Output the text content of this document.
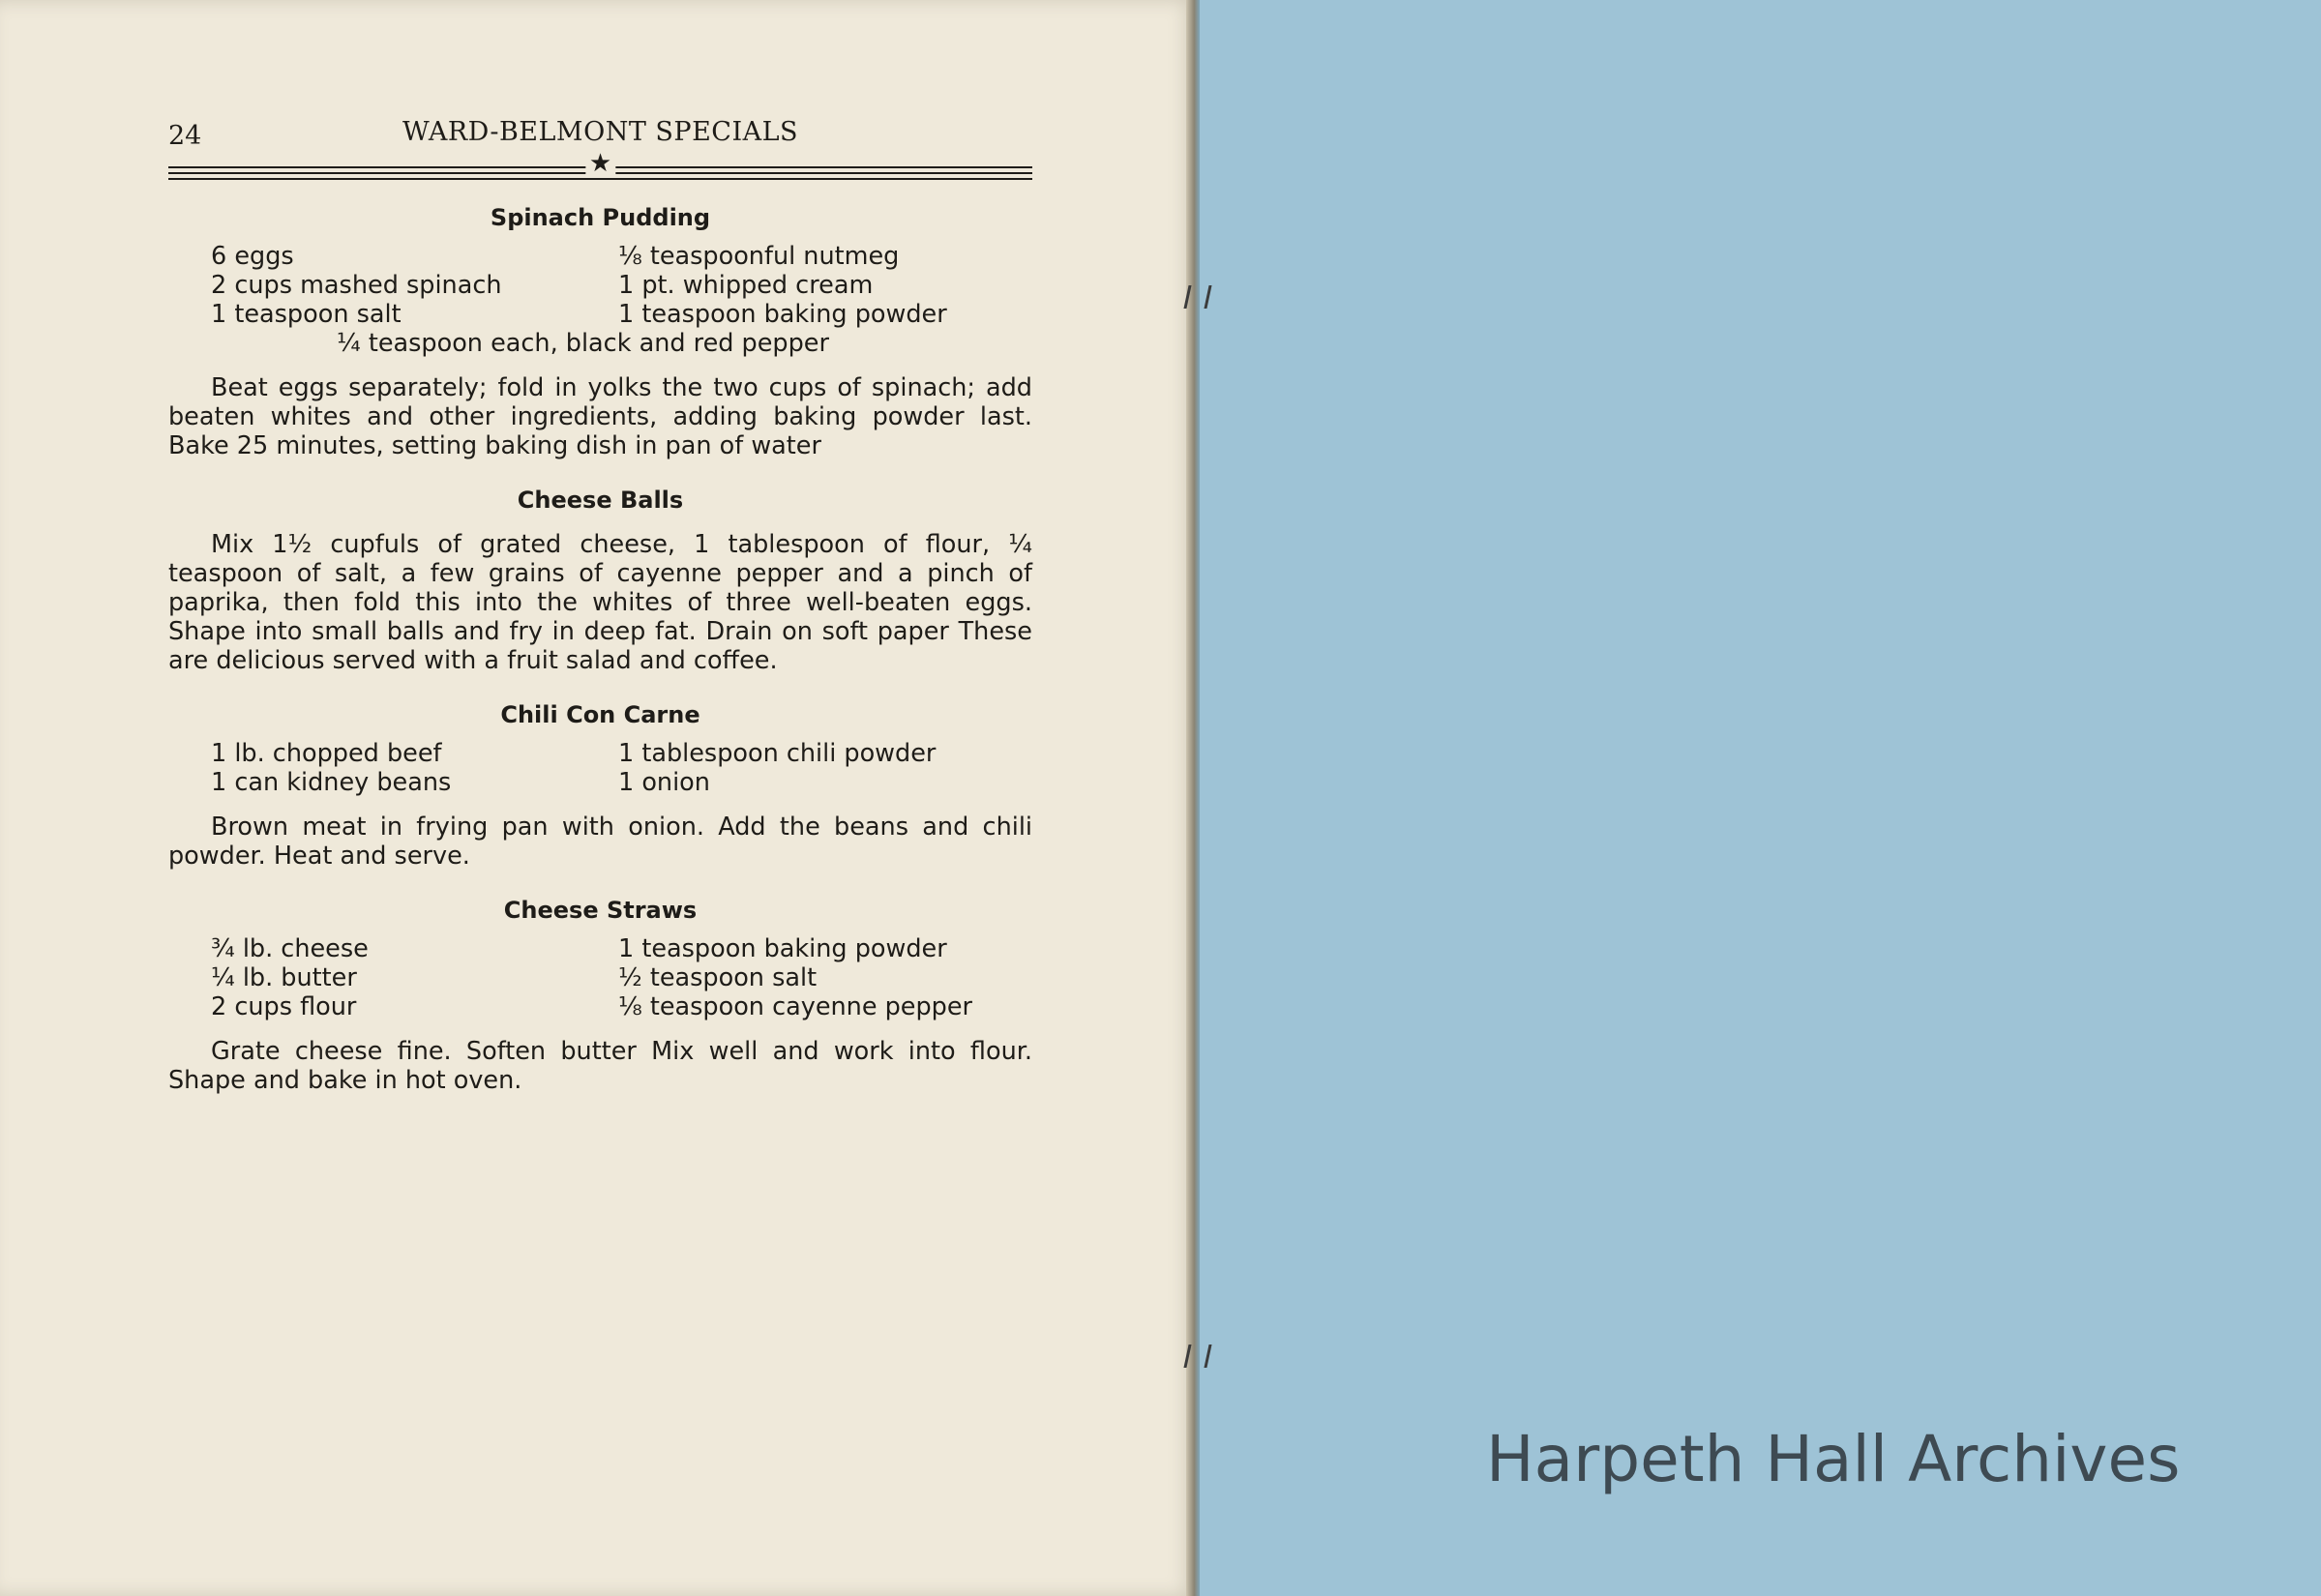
24	WARD-BELMONT SPECIALS
★
Spinach Pudding
6 eggs	⅛ teaspoonful nutmeg
2 cups mashed spinach	1 pt. whipped cream
1 teaspoon salt	1 teaspoon baking powder
¼ teaspoon each, black and red pepper

Beat eggs separately; fold in yolks the two cups of spinach; add beaten whites and other ingredients, adding baking powder last. Bake 25 minutes, setting baking dish in pan of water

Cheese Balls

Mix 1½ cupfuls of grated cheese, 1 tablespoon of flour, ¼ teaspoon of salt, a few grains of cayenne pepper and a pinch of paprika, then fold this into the whites of three well-beaten eggs. Shape into small balls and fry in deep fat. Drain on soft paper These are delicious served with a fruit salad and coffee.

Chili Con Carne
1 lb. chopped beef	1 tablespoon chili powder
1 can kidney beans	1 onion

Brown meat in frying pan with onion. Add the beans and chili powder. Heat and serve.

Cheese Straws
¾ lb. cheese	1 teaspoon baking powder
¼ lb. butter	½ teaspoon salt
2 cups flour	⅛ teaspoon cayenne pepper

Grate cheese fine. Soften butter Mix well and work into flour. Shape and bake in hot oven.

Harpeth Hall Archives
